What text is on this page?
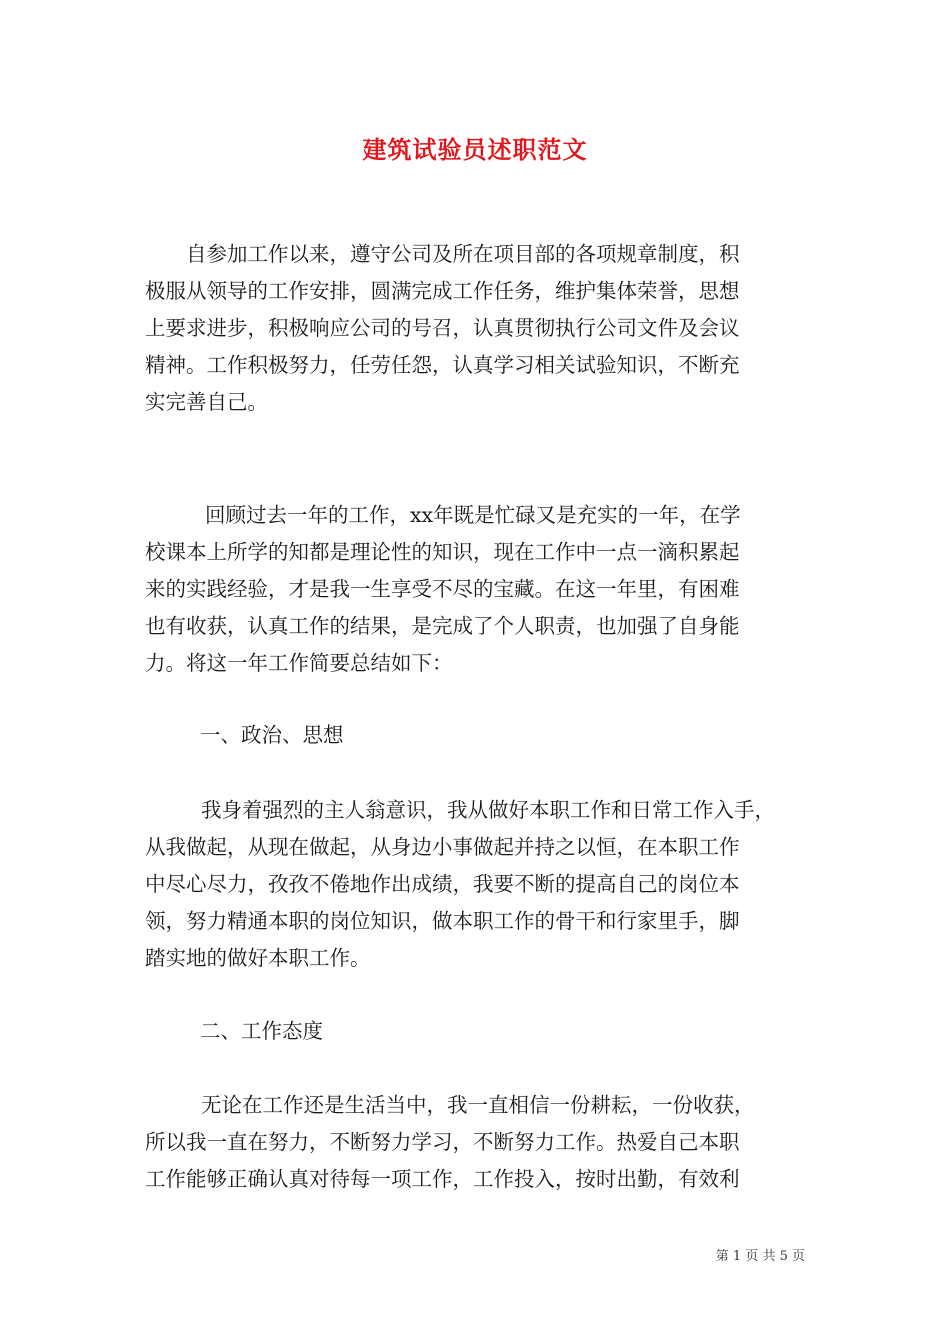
建筑试验员述职范文
自参加工作以来，遵守公司及所在项目部的各项规章制度，积
极服从领导的工作安排，圆满完成工作任务，维护集体荣誉，思想
上要求进步，积极响应公司的号召，认真贯彻执行公司文件及会议
精神。工作积极努力，任劳任怨，认真学习相关试验知识，不断充
实完善自己。
回顾过去一年的工作，xx年既是忙碌又是充实的一年，在学
校课本上所学的知都是理论性的知识，现在工作中一点一滴积累起
来的实践经验，才是我一生享受不尽的宝藏。在这一年里，有困难
也有收获，认真工作的结果，是完成了个人职责，也加强了自身能
力。将这一年工作简要总结如下：
一、政治、思想
我身着强烈的主人翁意识，我从做好本职工作和日常工作入手，
从我做起，从现在做起，从身边小事做起并持之以恒，在本职工作
中尽心尽力，孜孜不倦地作出成绩，我要不断的提高自己的岗位本
领，努力精通本职的岗位知识，做本职工作的骨干和行家里手，脚
踏实地的做好本职工作。
二、工作态度
无论在工作还是生活当中，我一直相信一份耕耘，一份收获，
所以我一直在努力，不断努力学习，不断努力工作。热爱自己本职
工作能够正确认真对待每一项工作，工作投入，按时出勤，有效利
第 1 页 共 5 页
